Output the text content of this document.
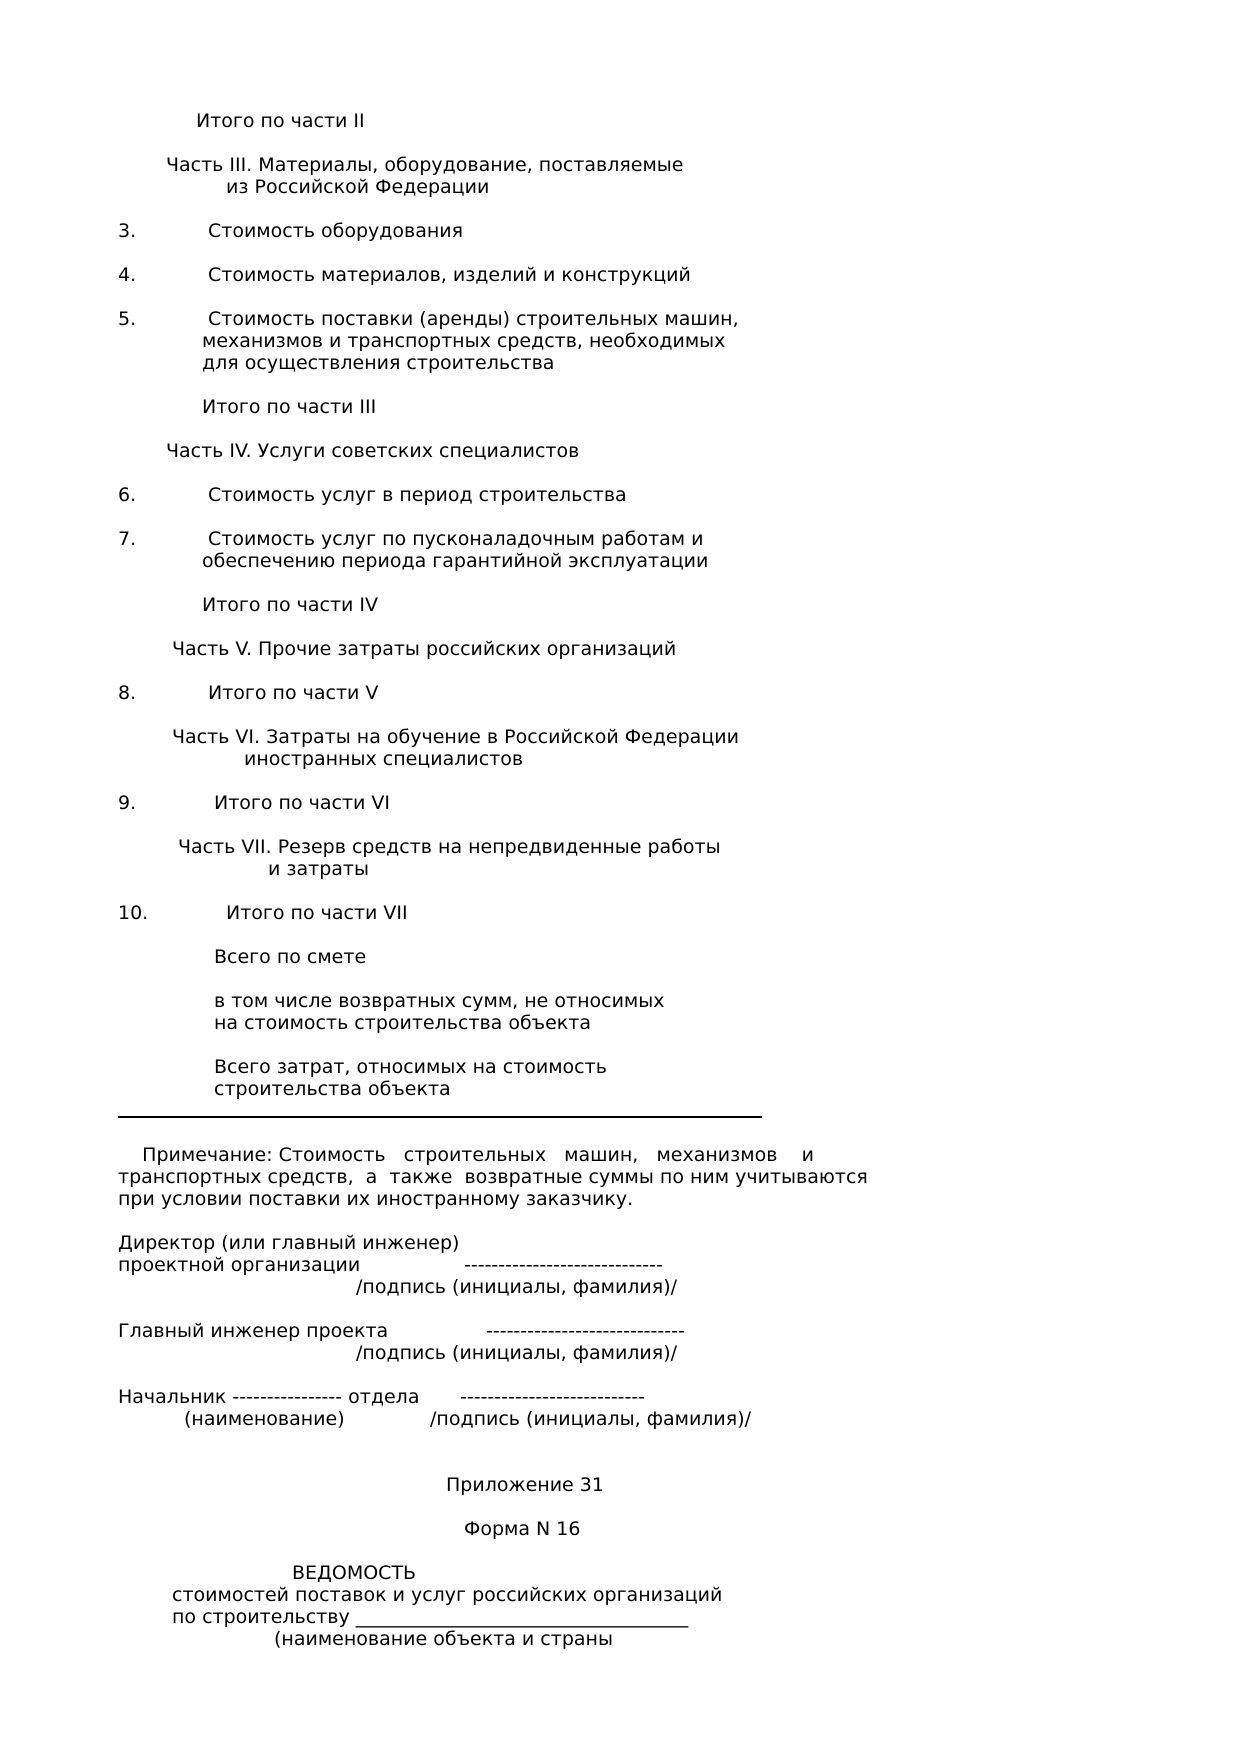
Итого по части II
Часть III. Материалы, оборудование, поставляемые
из Российской Федерации
3.	Стоимость оборудования
4.	Стоимость материалов, изделий и конструкций
5.	Стоимость поставки (аренды) строительных машин,
механизмов и транспортных средств, необходимых
для осуществления строительства
Итого по части III
Часть IV. Услуги советских специалистов
6.	Стоимость услуг в период строительства
7.	Стоимость услуг по пусконаладочным работам и
обеспечению периода гарантийной эксплуатации
Итого по части IV
Часть V. Прочие затраты российских организаций
8.	Итого по части V
Часть VI. Затраты на обучение в Российской Федерации
иностранных специалистов
9.	Итого по части VI
Часть VII. Резерв средств на непредвиденные работы
и затраты
10.	Итого по части VII
Всего по смете
в том числе возвратных сумм, не относимых
на стоимость строительства объекта
Всего затрат, относимых на стоимость
строительства объекта
Примечание: Стоимость   строительных   машин,   механизмов    и
транспортных средств,  а  также  возвратные суммы по ним учитываются
при условии поставки их иностранному заказчику.
Директор (или главный инженер)
проектной организации	-----------------------------
/подпись (инициалы, фамилия)/
Главный инженер проекта	-----------------------------
/подпись (инициалы, фамилия)/
Начальник ---------------- отдела ---------------------------
(наименование)	/подпись (инициалы, фамилия)/
Приложение 31
Форма N 16
ВЕДОМОСТЬ
стоимостей поставок и услуг российских организаций
по строительству ___________________________________
(наименование объекта и страны
